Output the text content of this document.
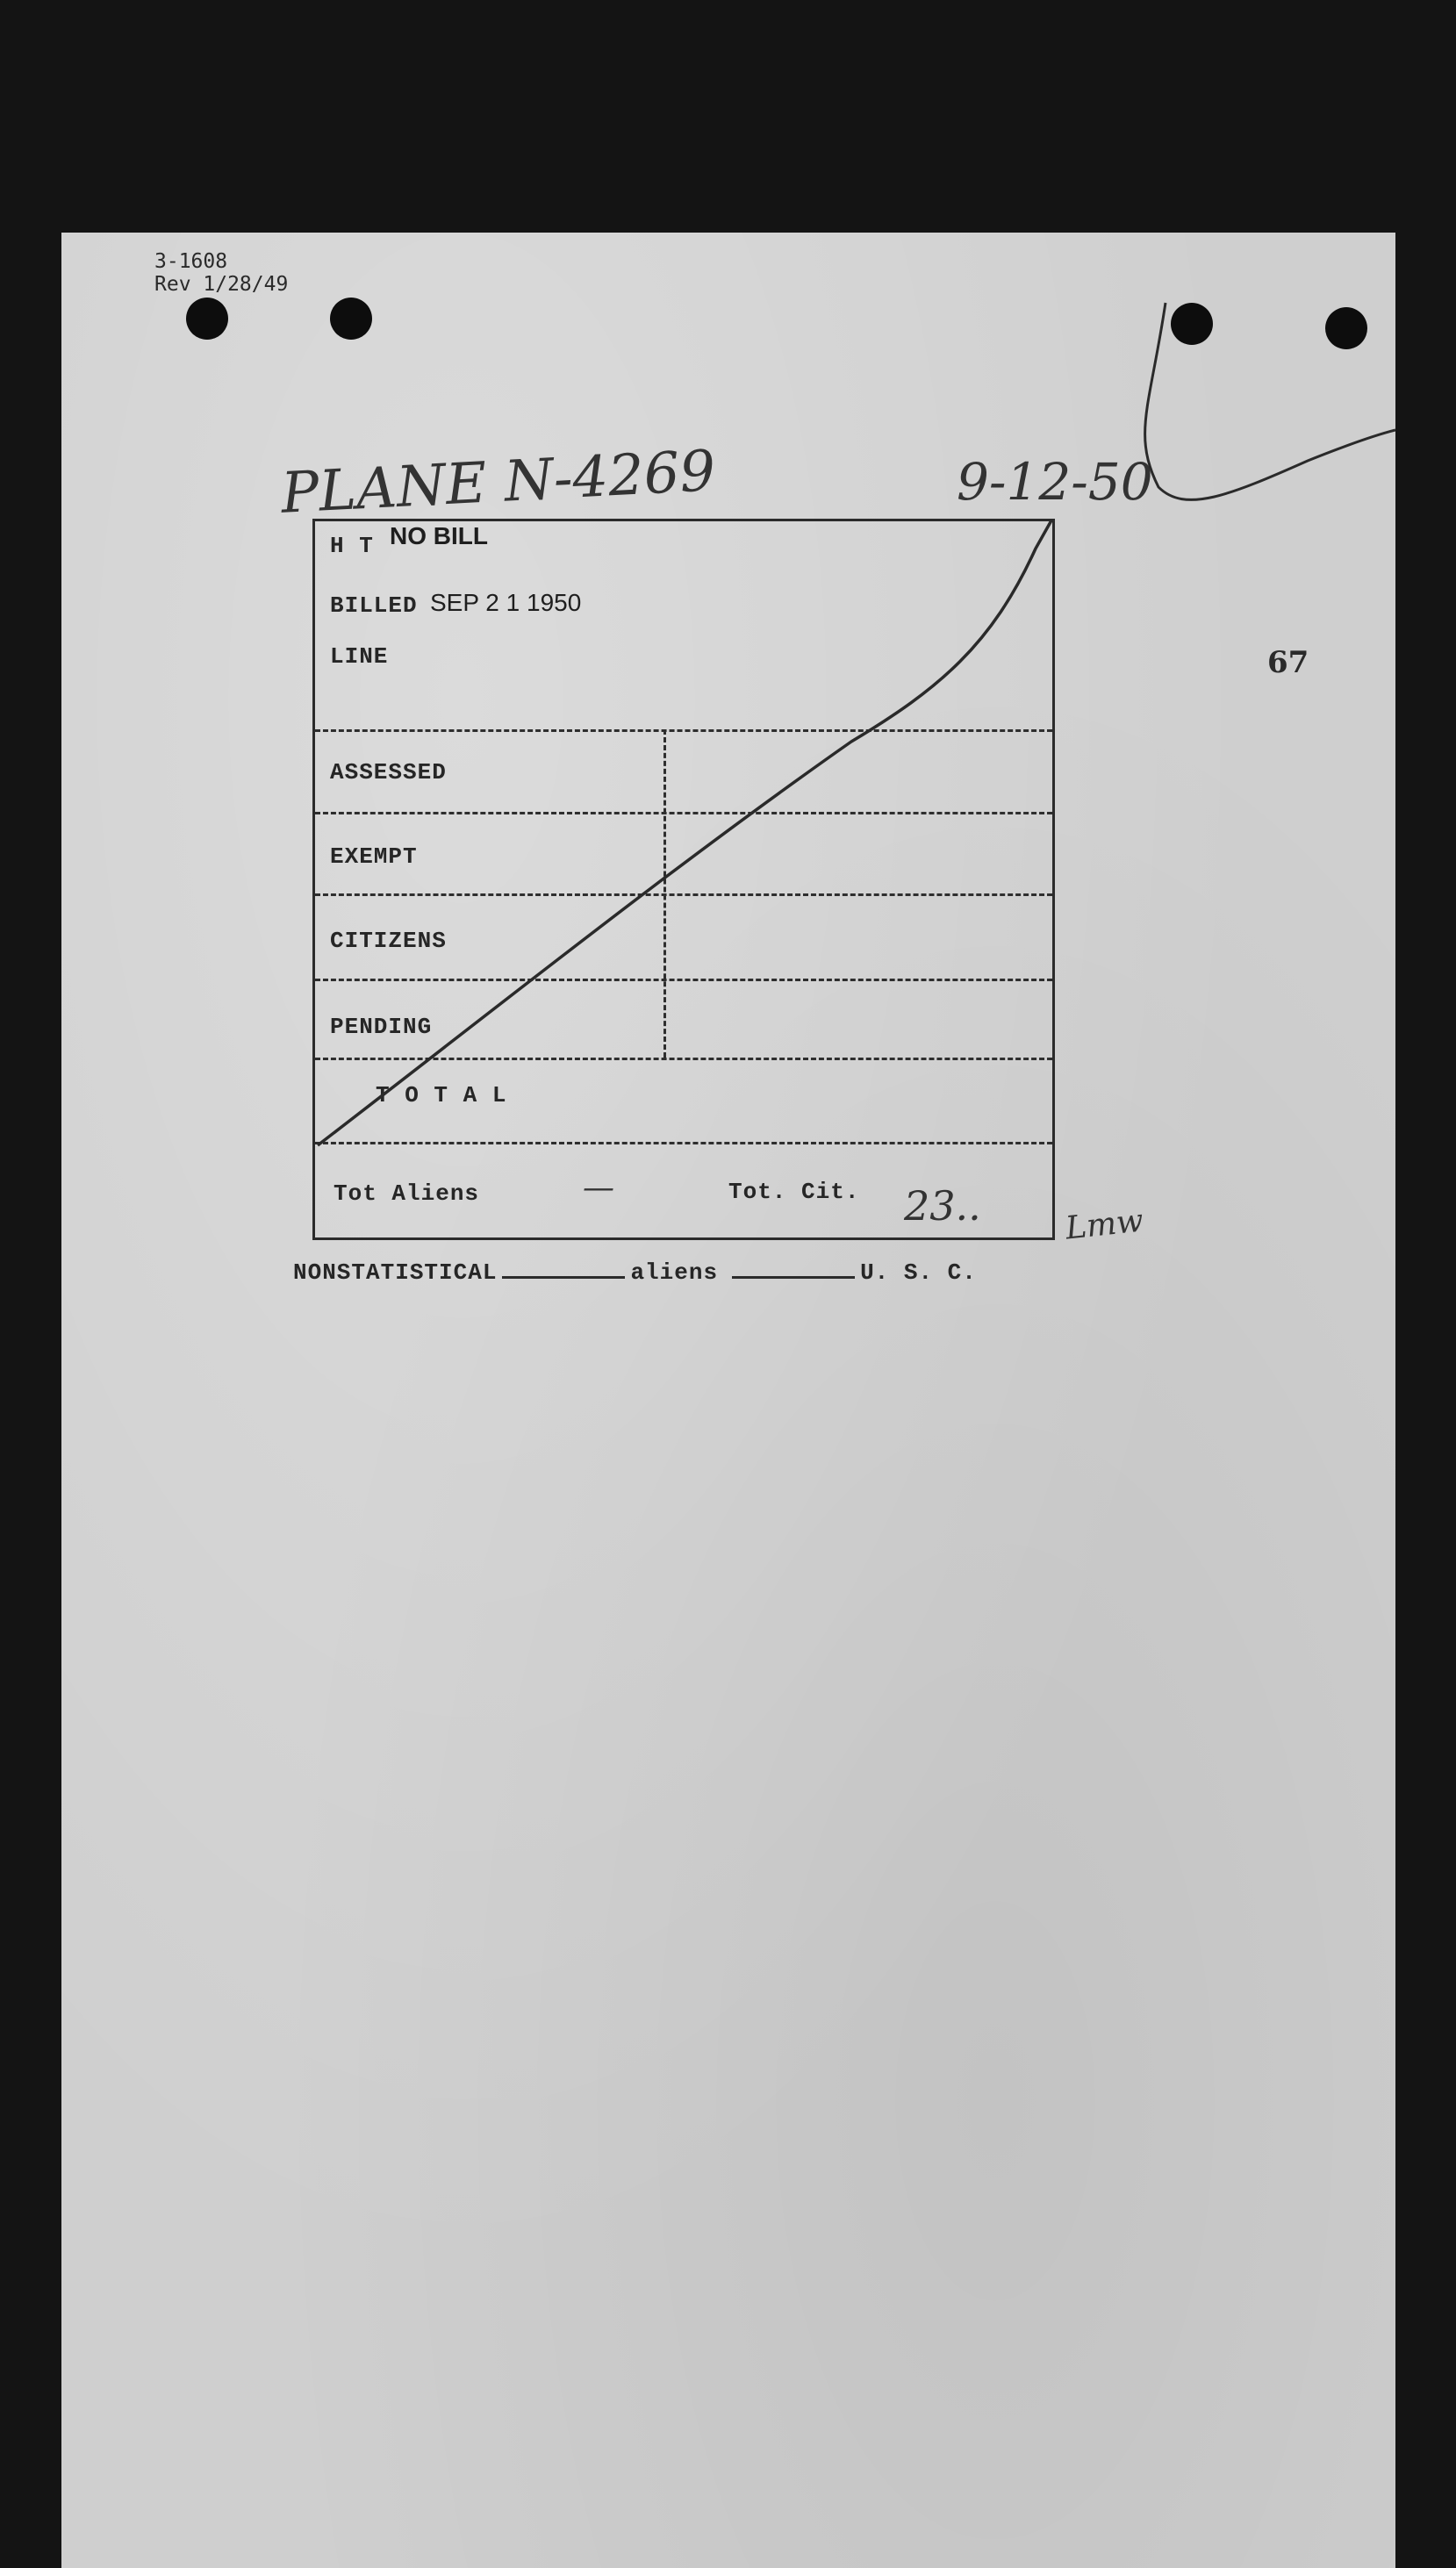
3-1608
Rev 1/28/49
PLANE N-4269	9-12-50
67
H T NO BILL
BILLED SEP 2 1 1950
LINE
ASSESSED
EXEMPT
CITIZENS
PENDING
T O T A L
Tot Aliens	—	Tot. Cit. 23..	Lmw
NONSTATISTICAL	aliens	U. S. C.
